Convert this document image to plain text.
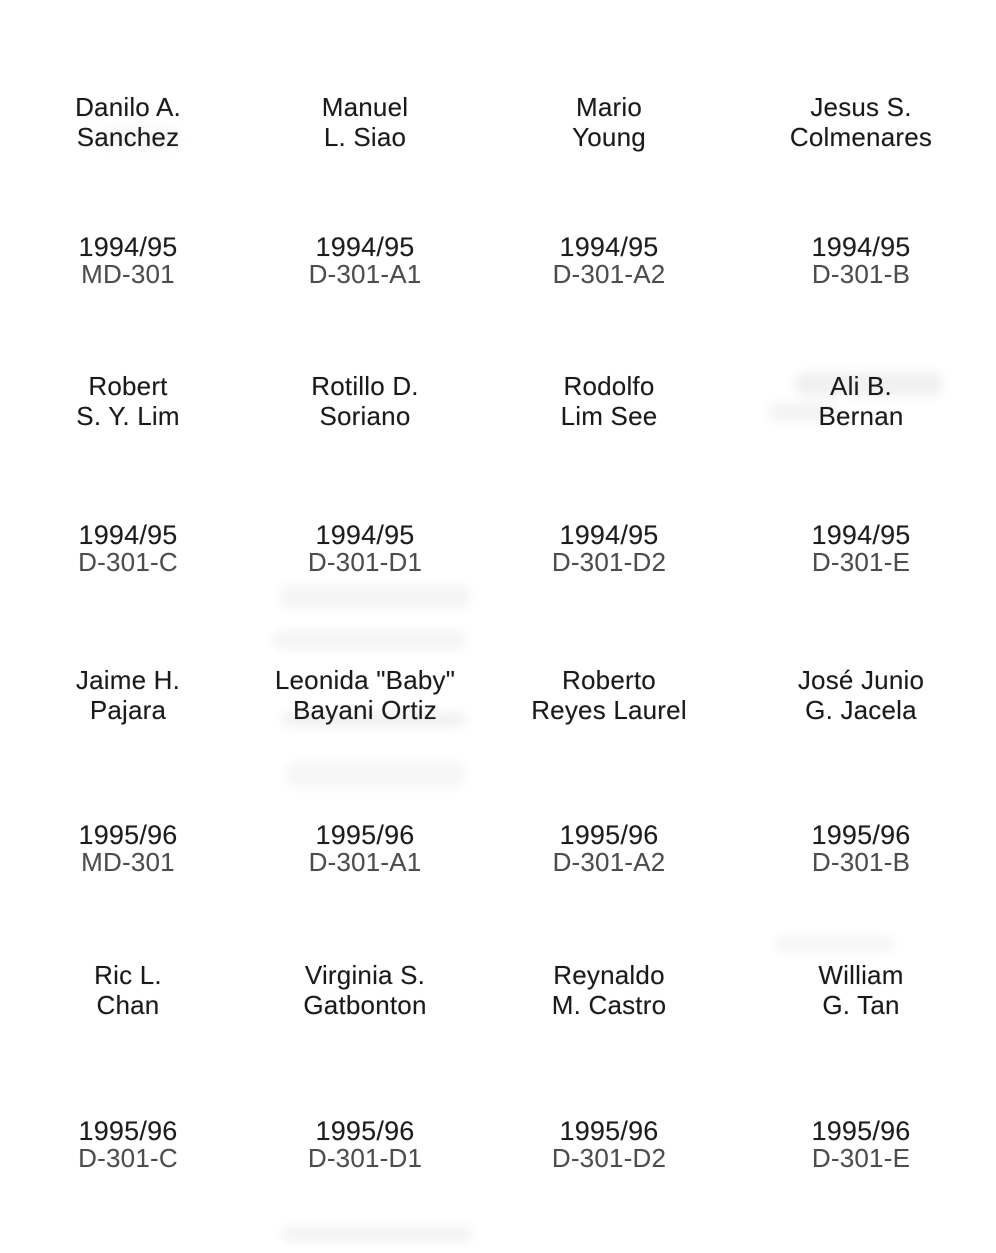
Danilo A.
Sanchez
Manuel
L. Siao
Mario
Young
Jesus S.
Colmenares
1994/95
MD-301
1994/95
D-301-A1
1994/95
D-301-A2
1994/95
D-301-B
Robert
S. Y. Lim
Rotillo D.
Soriano
Rodolfo
Lim See
Ali B.
Bernan
1994/95
D-301-C
1994/95
D-301-D1
1994/95
D-301-D2
1994/95
D-301-E
Jaime H.
Pajara
Leonida "Baby"
Bayani Ortiz
Roberto
Reyes Laurel
José Junio
G. Jacela
1995/96
MD-301
1995/96
D-301-A1
1995/96
D-301-A2
1995/96
D-301-B
Ric L.
Chan
Virginia S.
Gatbonton
Reynaldo
M. Castro
William
G. Tan
1995/96
D-301-C
1995/96
D-301-D1
1995/96
D-301-D2
1995/96
D-301-E
